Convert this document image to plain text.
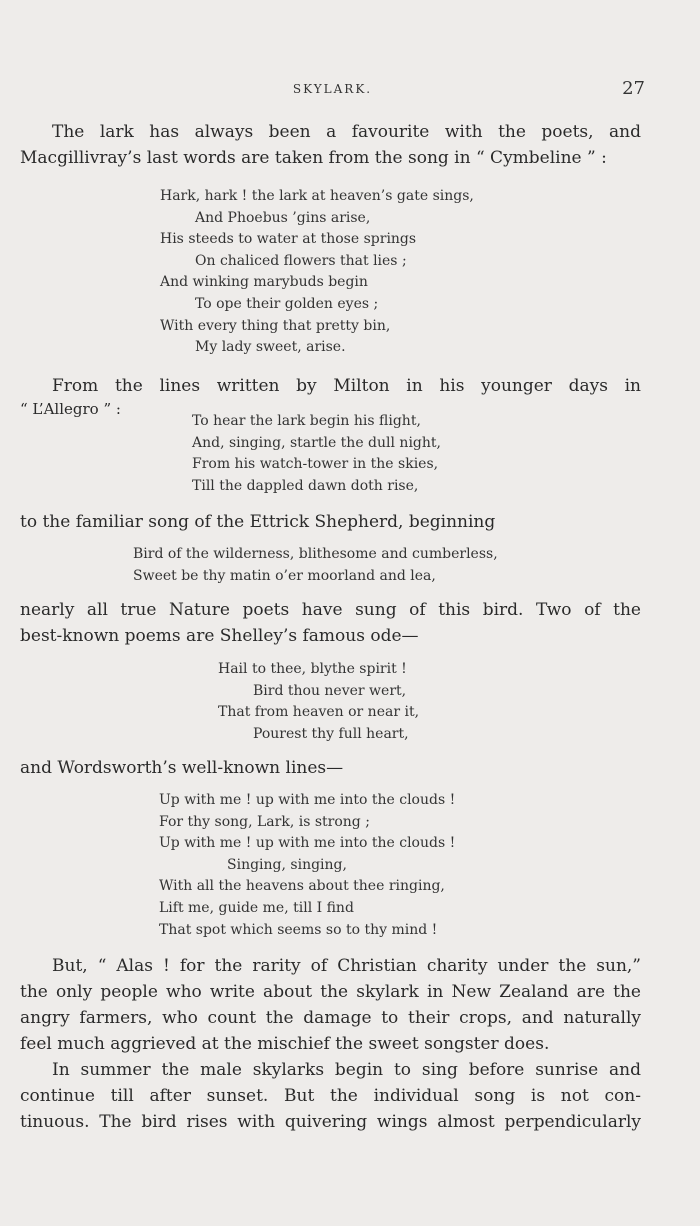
SKYLARK.	27
The lark has always been a favourite with the poets, and
Macgillivray’s last words are taken from the song in “ Cymbeline ” :
Hark, hark ! the lark at heaven’s gate sings,
And Phoebus ’gins arise,
His steeds to water at those springs
On chaliced flowers that lies ;
And winking marybuds begin
To ope their golden eyes ;
With every thing that pretty bin,
My lady sweet, arise.
From the lines written by Milton in his younger days in
“ L’Allegro ” :
To hear the lark begin his flight,
And, singing, startle the dull night,
From his watch-tower in the skies,
Till the dappled dawn doth rise,
to the familiar song of the Ettrick Shepherd, beginning
Bird of the wilderness, blithesome and cumberless,
Sweet be thy matin o’er moorland and lea,
nearly all true Nature poets have sung of this bird. Two of the
best-known poems are Shelley’s famous ode—
Hail to thee, blythe spirit !
Bird thou never wert,
That from heaven or near it,
Pourest thy full heart,
and Wordsworth’s well-known lines—
Up with me ! up with me into the clouds !
For thy song, Lark, is strong ;
Up with me ! up with me into the clouds !
Singing, singing,
With all the heavens about thee ringing,
Lift me, guide me, till I find
That spot which seems so to thy mind !
But, “ Alas ! for the rarity of Christian charity under the sun,”
the only people who write about the skylark in New Zealand are the
angry farmers, who count the damage to their crops, and naturally
feel much aggrieved at the mischief the sweet songster does.
In summer the male skylarks begin to sing before sunrise and
continue till after sunset. But the individual song is not con-
tinuous. The bird rises with quivering wings almost perpendicularly
